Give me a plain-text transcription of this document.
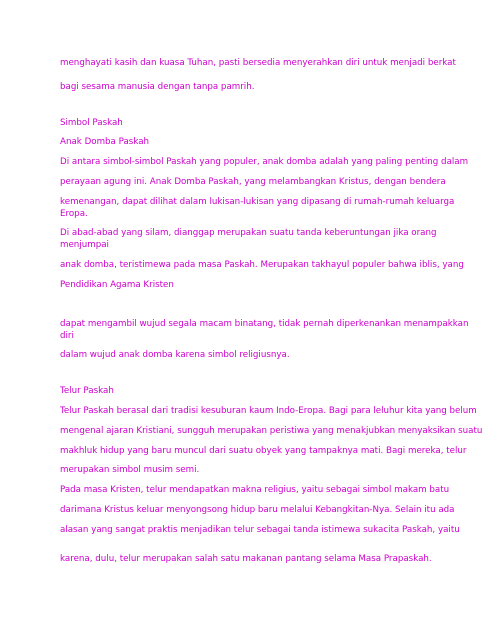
menghayati kasih dan kuasa Tuhan, pasti bersedia menyerahkan diri untuk menjadi berkat
bagi sesama manusia dengan tanpa pamrih.
Simbol Paskah
Anak Domba Paskah
Di antara simbol-simbol Paskah yang populer, anak domba adalah yang paling penting dalam
perayaan agung ini. Anak Domba Paskah, yang melambangkan Kristus, dengan bendera
kemenangan, dapat dilihat dalam lukisan-lukisan yang dipasang di rumah-rumah keluarga
Eropa.
Di abad-abad yang silam, dianggap merupakan suatu tanda keberuntungan jika orang
menjumpai
anak domba, teristimewa pada masa Paskah. Merupakan takhayul populer bahwa iblis, yang
Pendidikan Agama Kristen
dapat mengambil wujud segala macam binatang, tidak pernah diperkenankan menampakkan
diri
dalam wujud anak domba karena simbol religiusnya.
Telur Paskah
Telur Paskah berasal dari tradisi kesuburan kaum Indo-Eropa. Bagi para leluhur kita yang belum
mengenal ajaran Kristiani, sungguh merupakan peristiwa yang menakjubkan menyaksikan suatu
makhluk hidup yang baru muncul dari suatu obyek yang tampaknya mati. Bagi mereka, telur
merupakan simbol musim semi.
Pada masa Kristen, telur mendapatkan makna religius, yaitu sebagai simbol makam batu
darimana Kristus keluar menyongsong hidup baru melalui Kebangkitan-Nya. Selain itu ada
alasan yang sangat praktis menjadikan telur sebagai tanda istimewa sukacita Paskah, yaitu
karena, dulu, telur merupakan salah satu makanan pantang selama Masa Prapaskah.
